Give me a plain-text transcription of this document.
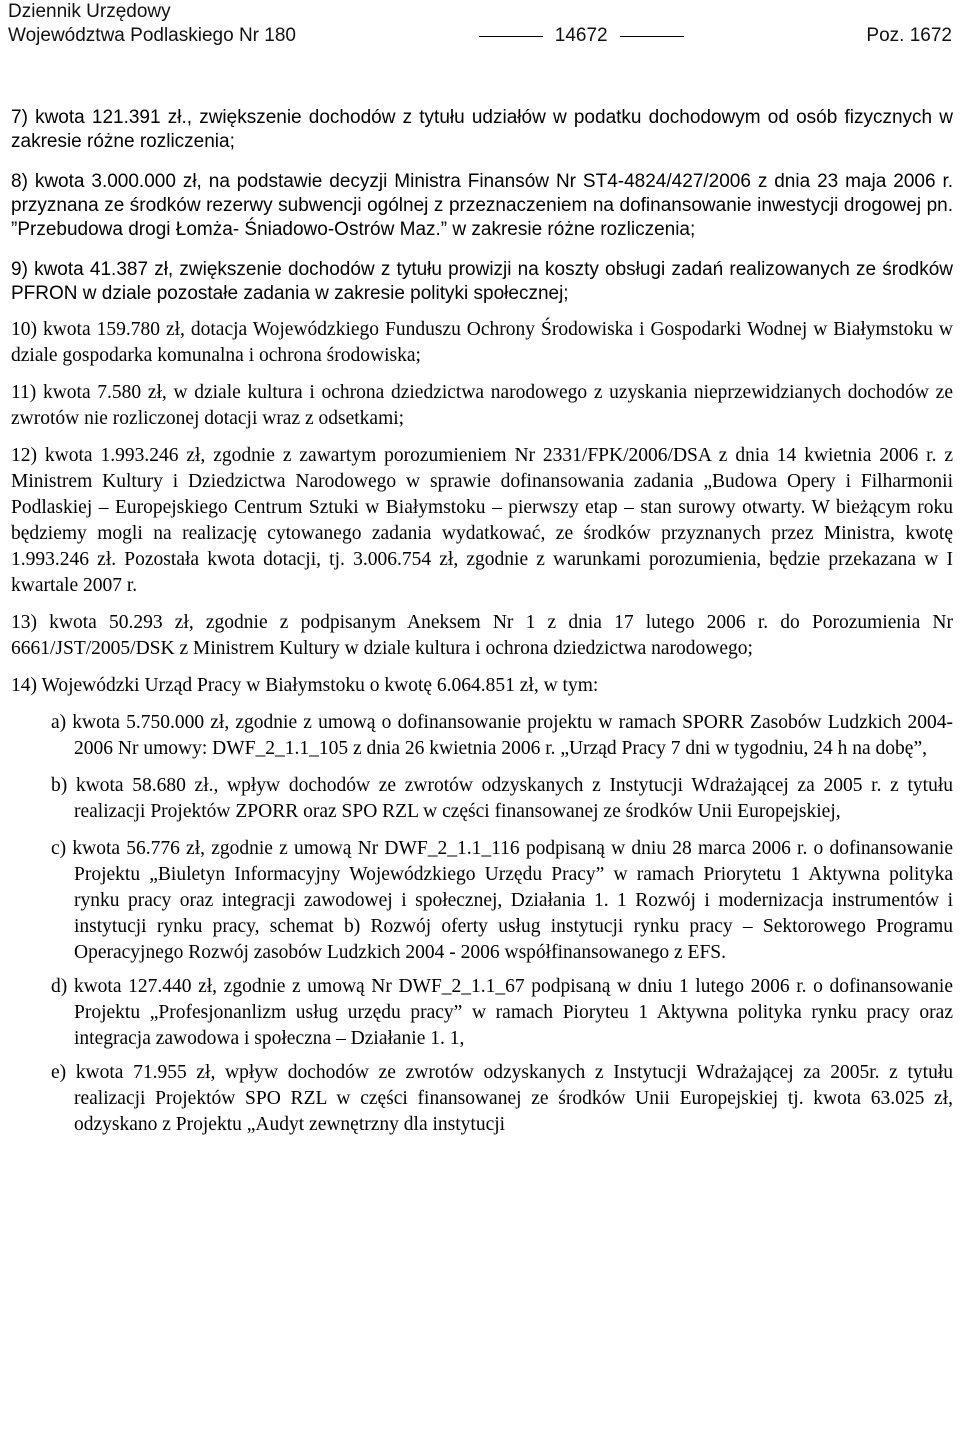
Dziennik Urzędowy
Województwa Podlaskiego Nr 180	14672	Poz. 1672

7) kwota 121.391 zł., zwiększenie dochodów z tytułu udziałów w podatku dochodowym od osób fizycznych w zakresie różne rozliczenia;

8) kwota 3.000.000 zł, na podstawie decyzji Ministra Finansów Nr ST4-4824/427/2006 z dnia 23 maja 2006 r. przyznana ze środków rezerwy subwencji ogólnej z przeznaczeniem na dofinansowanie inwestycji drogowej pn. ”Przebudowa drogi Łomża- Śniadowo-Ostrów Maz.” w zakresie różne rozliczenia;

9) kwota 41.387 zł, zwiększenie dochodów z tytułu prowizji na koszty obsługi zadań realizowanych ze środków PFRON w dziale pozostałe zadania w zakresie polityki społecznej;

10) kwota 159.780 zł, dotacja Wojewódzkiego Funduszu Ochrony Środowiska i Gospodarki Wodnej w Białymstoku w dziale gospodarka komunalna i ochrona środowiska;

11) kwota 7.580 zł, w dziale kultura i ochrona dziedzictwa narodowego z uzyskania nieprzewidzianych dochodów ze zwrotów nie rozliczonej dotacji wraz z odsetkami;

12) kwota 1.993.246 zł, zgodnie z zawartym porozumieniem Nr 2331/FPK/2006/DSA z dnia 14 kwietnia 2006 r. z Ministrem Kultury i Dziedzictwa Narodowego w sprawie dofinansowania zadania „Budowa Opery i Filharmonii Podlaskiej – Europejskiego Centrum Sztuki w Białymstoku – pierwszy etap – stan surowy otwarty. W bieżącym roku będziemy mogli na realizację cytowanego zadania wydatkować, ze środków przyznanych przez Ministra, kwotę 1.993.246 zł. Pozostała kwota dotacji, tj. 3.006.754 zł, zgodnie z warunkami porozumienia, będzie przekazana w I kwartale 2007 r.

13) kwota 50.293 zł, zgodnie z podpisanym Aneksem Nr 1 z dnia 17 lutego 2006 r. do Porozumienia Nr 6661/JST/2005/DSK z Ministrem Kultury w dziale kultura i ochrona dziedzictwa narodowego;

14) Wojewódzki Urząd Pracy w Białymstoku o kwotę 6.064.851 zł, w tym:

a) kwota 5.750.000 zł, zgodnie z umową o dofinansowanie projektu w ramach SPORR Zasobów Ludzkich 2004-2006 Nr umowy: DWF_2_1.1_105 z dnia 26 kwietnia 2006 r. „Urząd Pracy 7 dni w tygodniu, 24 h na dobę”,

b) kwota 58.680 zł., wpływ dochodów ze zwrotów odzyskanych z Instytucji Wdrażającej za 2005 r. z tytułu realizacji Projektów ZPORR oraz SPO RZL w części finansowanej ze środków Unii Europejskiej,

c) kwota 56.776 zł, zgodnie z umową Nr DWF_2_1.1_116 podpisaną w dniu 28 marca 2006 r. o dofinansowanie Projektu „Biuletyn Informacyjny Wojewódzkiego Urzędu Pracy” w ramach Priorytetu 1 Aktywna polityka rynku pracy oraz integracji zawodowej i społecznej, Działania 1. 1 Rozwój i modernizacja instrumentów i instytucji rynku pracy, schemat b) Rozwój oferty usług instytucji rynku pracy – Sektorowego Programu Operacyjnego Rozwój zasobów Ludzkich 2004 - 2006 współfinansowanego z EFS.

d) kwota 127.440 zł, zgodnie z umową Nr DWF_2_1.1_67 podpisaną w dniu 1 lutego 2006 r. o dofinansowanie Projektu „Profesjonanlizm usług urzędu pracy” w ramach Pioryteu 1 Aktywna polityka rynku pracy oraz integracja zawodowa i społeczna – Działanie 1. 1,

e) kwota 71.955 zł, wpływ dochodów ze zwrotów odzyskanych z Instytucji Wdrażającej za 2005r. z tytułu realizacji Projektów SPO RZL w części finansowanej ze środków Unii Europejskiej tj. kwota 63.025 zł, odzyskano z Projektu „Audyt zewnętrzny dla instytucji
